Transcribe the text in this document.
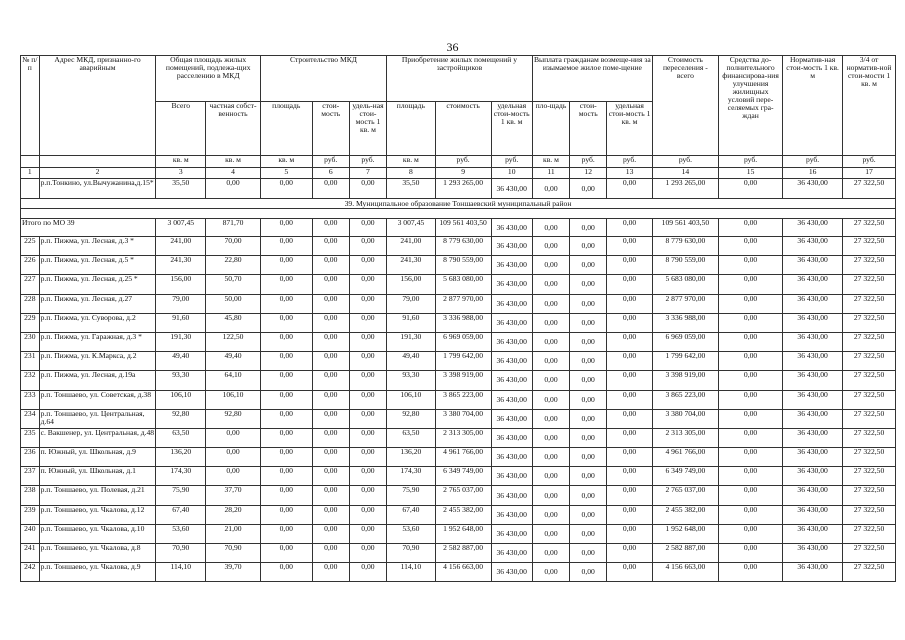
36
№ п/п	Адрес МКД, признанно-го аварийным	Общая площадь жилых помещений, подлежа-щих расселению в МКД		Строительство МКД			Приобретение жилых помещений у застройщиков			Выплата гражданам возмеще-ния за изымаемое жилое поме-щение			Стоимость переселения - всего	Средства до-полнительного финансирова-ния улучшения жилищных условий пере-селяемых гра-ждан	Норматив-ная стои-мость 1 кв. м	3/4 от норматив-ной стои-мости 1 кв. м
		Всего	частная собст-венность	площадь	стои-мость	удель-ная стои-мость 1 кв. м	площадь	стоимость	удельная стои-мость 1 кв. м	пло-щадь	стои-мость	удельная стои-мость 1 кв. м				
		кв. м	кв. м	кв. м	руб.	руб.	кв. м	руб.	руб.	кв. м	руб.	руб.	руб.	руб.	руб.	руб.
1	2	3	4	5	6	7	8	9	10	11	12	13	14	15	16	17
	р.п.Тонкино, ул.Вычужанина,д.15*	35,50	0,00	0,00	0,00	0,00	35,50	1 293 265,00	36 430,00	0,00	0,00	0,00	1 293 265,00	0,00	36 430,00	27 322,50
39. Муниципальное образование Тоншаевский муниципальный район																

Итого по МО 39		3 007,45	871,70	0,00	0,00	0,00	3 007,45	109 561 403,50	36 430,00	0,00	0,00	0,00	109 561 403,50	0,00	36 430,00	27 322,50
225	р.п. Пижма, ул. Лесная, д.3 *	241,00	70,00	0,00	0,00	0,00	241,00	8 779 630,00	36 430,00	0,00	0,00	0,00	8 779 630,00	0,00	36 430,00	27 322,50
226	р.п. Пижма, ул. Лесная, д.5 *	241,30	22,80	0,00	0,00	0,00	241,30	8 790 559,00	36 430,00	0,00	0,00	0,00	8 790 559,00	0,00	36 430,00	27 322,50
227	р.п. Пижма, ул. Лесная, д.25 *	156,00	50,70	0,00	0,00	0,00	156,00	5 683 080,00	36 430,00	0,00	0,00	0,00	5 683 080,00	0,00	36 430,00	27 322,50
228	р.п. Пижма, ул. Лесная, д.27	79,00	50,00	0,00	0,00	0,00	79,00	2 877 970,00	36 430,00	0,00	0,00	0,00	2 877 970,00	0,00	36 430,00	27 322,50
229	р.п. Пижма, ул. Суворова, д.2	91,60	45,80	0,00	0,00	0,00	91,60	3 336 988,00	36 430,00	0,00	0,00	0,00	3 336 988,00	0,00	36 430,00	27 322,50
230	р.п. Пижма, ул. Гаражная, д.3 *	191,30	122,50	0,00	0,00	0,00	191,30	6 969 059,00	36 430,00	0,00	0,00	0,00	6 969 059,00	0,00	36 430,00	27 322,50
231	р.п. Пижма, ул. К.Маркса, д.2	49,40	49,40	0,00	0,00	0,00	49,40	1 799 642,00	36 430,00	0,00	0,00	0,00	1 799 642,00	0,00	36 430,00	27 322,50
232	р.п. Пижма, ул. Лесная, д.19а	93,30	64,10	0,00	0,00	0,00	93,30	3 398 919,00	36 430,00	0,00	0,00	0,00	3 398 919,00	0,00	36 430,00	27 322,50
233	р.п. Тоншаево, ул. Советская, д.38	106,10	106,10	0,00	0,00	0,00	106,10	3 865 223,00	36 430,00	0,00	0,00	0,00	3 865 223,00	0,00	36 430,00	27 322,50
234	р.п. Тоншаево, ул. Центральная, д.64	92,80	92,80	0,00	0,00	0,00	92,80	3 380 704,00	36 430,00	0,00	0,00	0,00	3 380 704,00	0,00	36 430,00	27 322,50
235	с. Вакшенер, ул. Центральная, д.48	63,50	0,00	0,00	0,00	0,00	63,50	2 313 305,00	36 430,00	0,00	0,00	0,00	2 313 305,00	0,00	36 430,00	27 322,50
236	п. Южный, ул. Школьная, д.9	136,20	0,00	0,00	0,00	0,00	136,20	4 961 766,00	36 430,00	0,00	0,00	0,00	4 961 766,00	0,00	36 430,00	27 322,50
237	п. Южный, ул. Школьная, д.1	174,30	0,00	0,00	0,00	0,00	174,30	6 349 749,00	36 430,00	0,00	0,00	0,00	6 349 749,00	0,00	36 430,00	27 322,50
238	р.п. Тоншаево, ул. Полевая, д.21	75,90	37,70	0,00	0,00	0,00	75,90	2 765 037,00	36 430,00	0,00	0,00	0,00	2 765 037,00	0,00	36 430,00	27 322,50
239	р.п. Тоншаево, ул. Чкалова, д.12	67,40	28,20	0,00	0,00	0,00	67,40	2 455 382,00	36 430,00	0,00	0,00	0,00	2 455 382,00	0,00	36 430,00	27 322,50
240	р.п. Тоншаево, ул. Чкалова, д.10	53,60	21,00	0,00	0,00	0,00	53,60	1 952 648,00	36 430,00	0,00	0,00	0,00	1 952 648,00	0,00	36 430,00	27 322,50
241	р.п. Тоншаево, ул. Чкалова, д.8	70,90	70,90	0,00	0,00	0,00	70,90	2 582 887,00	36 430,00	0,00	0,00	0,00	2 582 887,00	0,00	36 430,00	27 322,50
242	р.п. Тоншаево, ул. Чкалова, д.9	114,10	39,70	0,00	0,00	0,00	114,10	4 156 663,00	36 430,00	0,00	0,00	0,00	4 156 663,00	0,00	36 430,00	27 322,50
